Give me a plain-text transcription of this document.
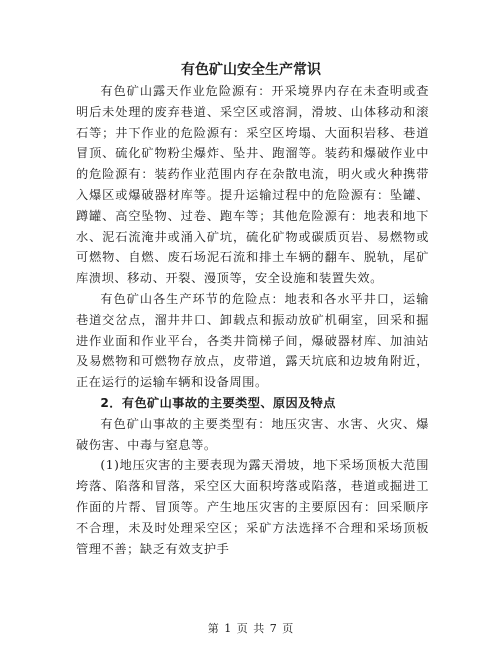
有色矿山安全生产常识

有色矿山露天作业危险源有：开采境界内存在未查明或查明后未处理的废弃巷道、采空区或溶洞，滑坡、山体移动和滚石等；井下作业的危险源有：采空区垮塌、大面积岩移、巷道冒顶、硫化矿物粉尘爆炸、坠井、跑溜等。装药和爆破作业中的危险源有：装药作业范围内存在杂散电流，明火或火种携带入爆区或爆破器材库等。提升运输过程中的危险源有：坠罐、蹲罐、高空坠物、过卷、跑车等；其他危险源有：地表和地下水、泥石流淹井或涌入矿坑，硫化矿物或碳质页岩、易燃物或可燃物、自燃、废石场泥石流和排土车辆的翻车、脱轨，尾矿库溃坝、移动、开裂、漫顶等，安全设施和装置失效。

有色矿山各生产环节的危险点：地表和各水平井口，运输巷道交岔点，溜井井口、卸载点和振动放矿机硐室，回采和掘进作业面和作业平台，各类井筒梯子间，爆破器材库、加油站及易燃物和可燃物存放点，皮带道，露天坑底和边坡角附近，正在运行的运输车辆和设备周围。

2．有色矿山事故的主要类型、原因及特点

有色矿山事故的主要类型有：地压灾害、水害、火灾、爆破伤害、中毒与窒息等。

(1)地压灾害的主要表现为露天滑坡，地下采场顶板大范围垮落、陷落和冒落，采空区大面积垮落或陷落，巷道或掘进工作面的片帮、冒顶等。产生地压灾害的主要原因有：回采顺序不合理，未及时处理采空区；采矿方法选择不合理和采场顶板管理不善；缺乏有效支护手

第 1 页 共 7 页
